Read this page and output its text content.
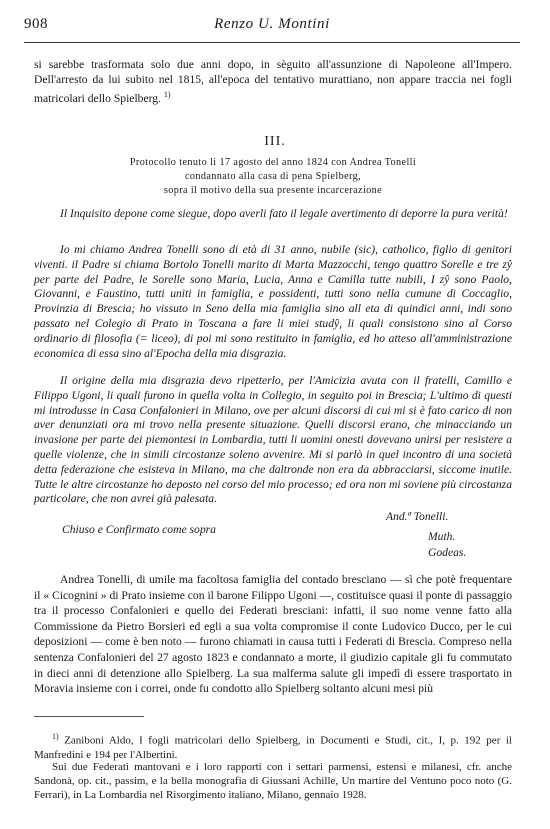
908	Renzo U. Montini
si sarebbe trasformata solo due anni dopo, in sèguito all'assunzione di Napoleone all'Impero. Dell'arresto da lui subito nel 1815, all'epoca del tentativo murattiano, non appare traccia nei fogli matricolari dello Spielberg. $^{1)}$
III.
Protocollo tenuto li 17 agosto del anno 1824 con Andrea Tonelli
condannato alla casa di pena Spielberg,
sopra il motivo della sua presente incarcerazione
Il Inquisito depone come siegue, dopo averli fato il legale avertimento di deporre la pura verità!
Io mi chiamo Andrea Tonelli sono di età di 31 anno, nubile (sic), catholico, figlio di genitori viventi. il Padre si chiama Bortolo Tonelli marito di Marta Mazzocchi, tengo quattro Sorelle e tre zŷ per parte del Padre, le Sorelle sono Maria, Lucia, Anna e Camilla tutte nubili, I zŷ sono Paolo, Giovanni, e Faustino, tutti uniti in famiglia, e possidenti, tutti sono nella cumune di Coccaglio, Provinzia di Brescia; ho vissuto in Seno della mia famiglia sino all eta di quindici anni, indi sono passato nel Colegio di Prato in Toscana a fare li miei studŷ, li quali consistono sino al Corso ordinario di filosofia (= liceo), di poi mi sono restituito in famiglia, ed ho atteso all'amministrazione economica di essa sino al'Epocha della mia disgrazia.
Il origine della mia disgrazia devo ripetterlo, per l'Amicizia avuta con il fratelli, Camillo e Filippo Ugoni, li quali furono in quella volta in Collegio, in seguito poi in Brescia; L'ultimo di questi mi introdusse in Casa Confalonieri in Milano, ove per alcuni discorsi di cui mi si è fato carico di non aver denunziati ora mi trovo nella presente situazione. Quelli discorsi erano, che minacciando un invasione per parte dei piemontesi in Lombardia, tutti li uomini onesti dovevano unirsi per resistere a quelle violenze, che in simili circostanze soleno avvenire. Mi si parlò in quel incontro di una società detta federazione che esisteva in Milano, ma che daltronde non era da abbracciarsi, siccome inutile. Tutte le altre circostanze ho deposto nel corso del mio processo; ed ora non mi soviene più circostanza particolare, che non avrei già palesata.
And.ª Tonelli.
Chiuso e Confirmato come sopra
Muth.
Godeas.
Andrea Tonelli, di umile ma facoltosa famiglia del contado bresciano — sì che potè frequentare il « Cicognini » di Prato insieme con il barone Filippo Ugoni —, costituisce quasi il ponte di passaggio tra il processo Confalonieri e quello dei Federati bresciani: infatti, il suo nome venne fatto alla Commissione da Pietro Borsieri ed egli a sua volta compromise il conte Ludovico Ducco, per le cui deposizioni — come è ben noto — furono chiamati in causa tutti i Federati di Brescia. Compreso nella sentenza Confalonieri del 27 agosto 1823 e condannato a morte, il giudizio capitale gli fu commutato in dieci anni di detenzione allo Spielberg. La sua malferma salute gli impedì di essere trasportato in Moravia insieme con i correi, onde fu condotto allo Spielberg soltanto alcuni mesi più
$^{1)}$ Zaniboni Aldo, I fogli matricolari dello Spielberg, in Documenti e Studi, cit., I, p. 192 per il Manfredini e 194 per l'Albertini.
Sui due Federati mantovani e i loro rapporti con i settari parmensi, estensi e milanesi, cfr. anche Sandonà, op. cit., passim, e la bella monografia di Giussani Achille, Un martire del Ventuno poco noto (G. Ferrari), in La Lombardia nel Risorgimento italiano, Milano, gennaio 1928.
